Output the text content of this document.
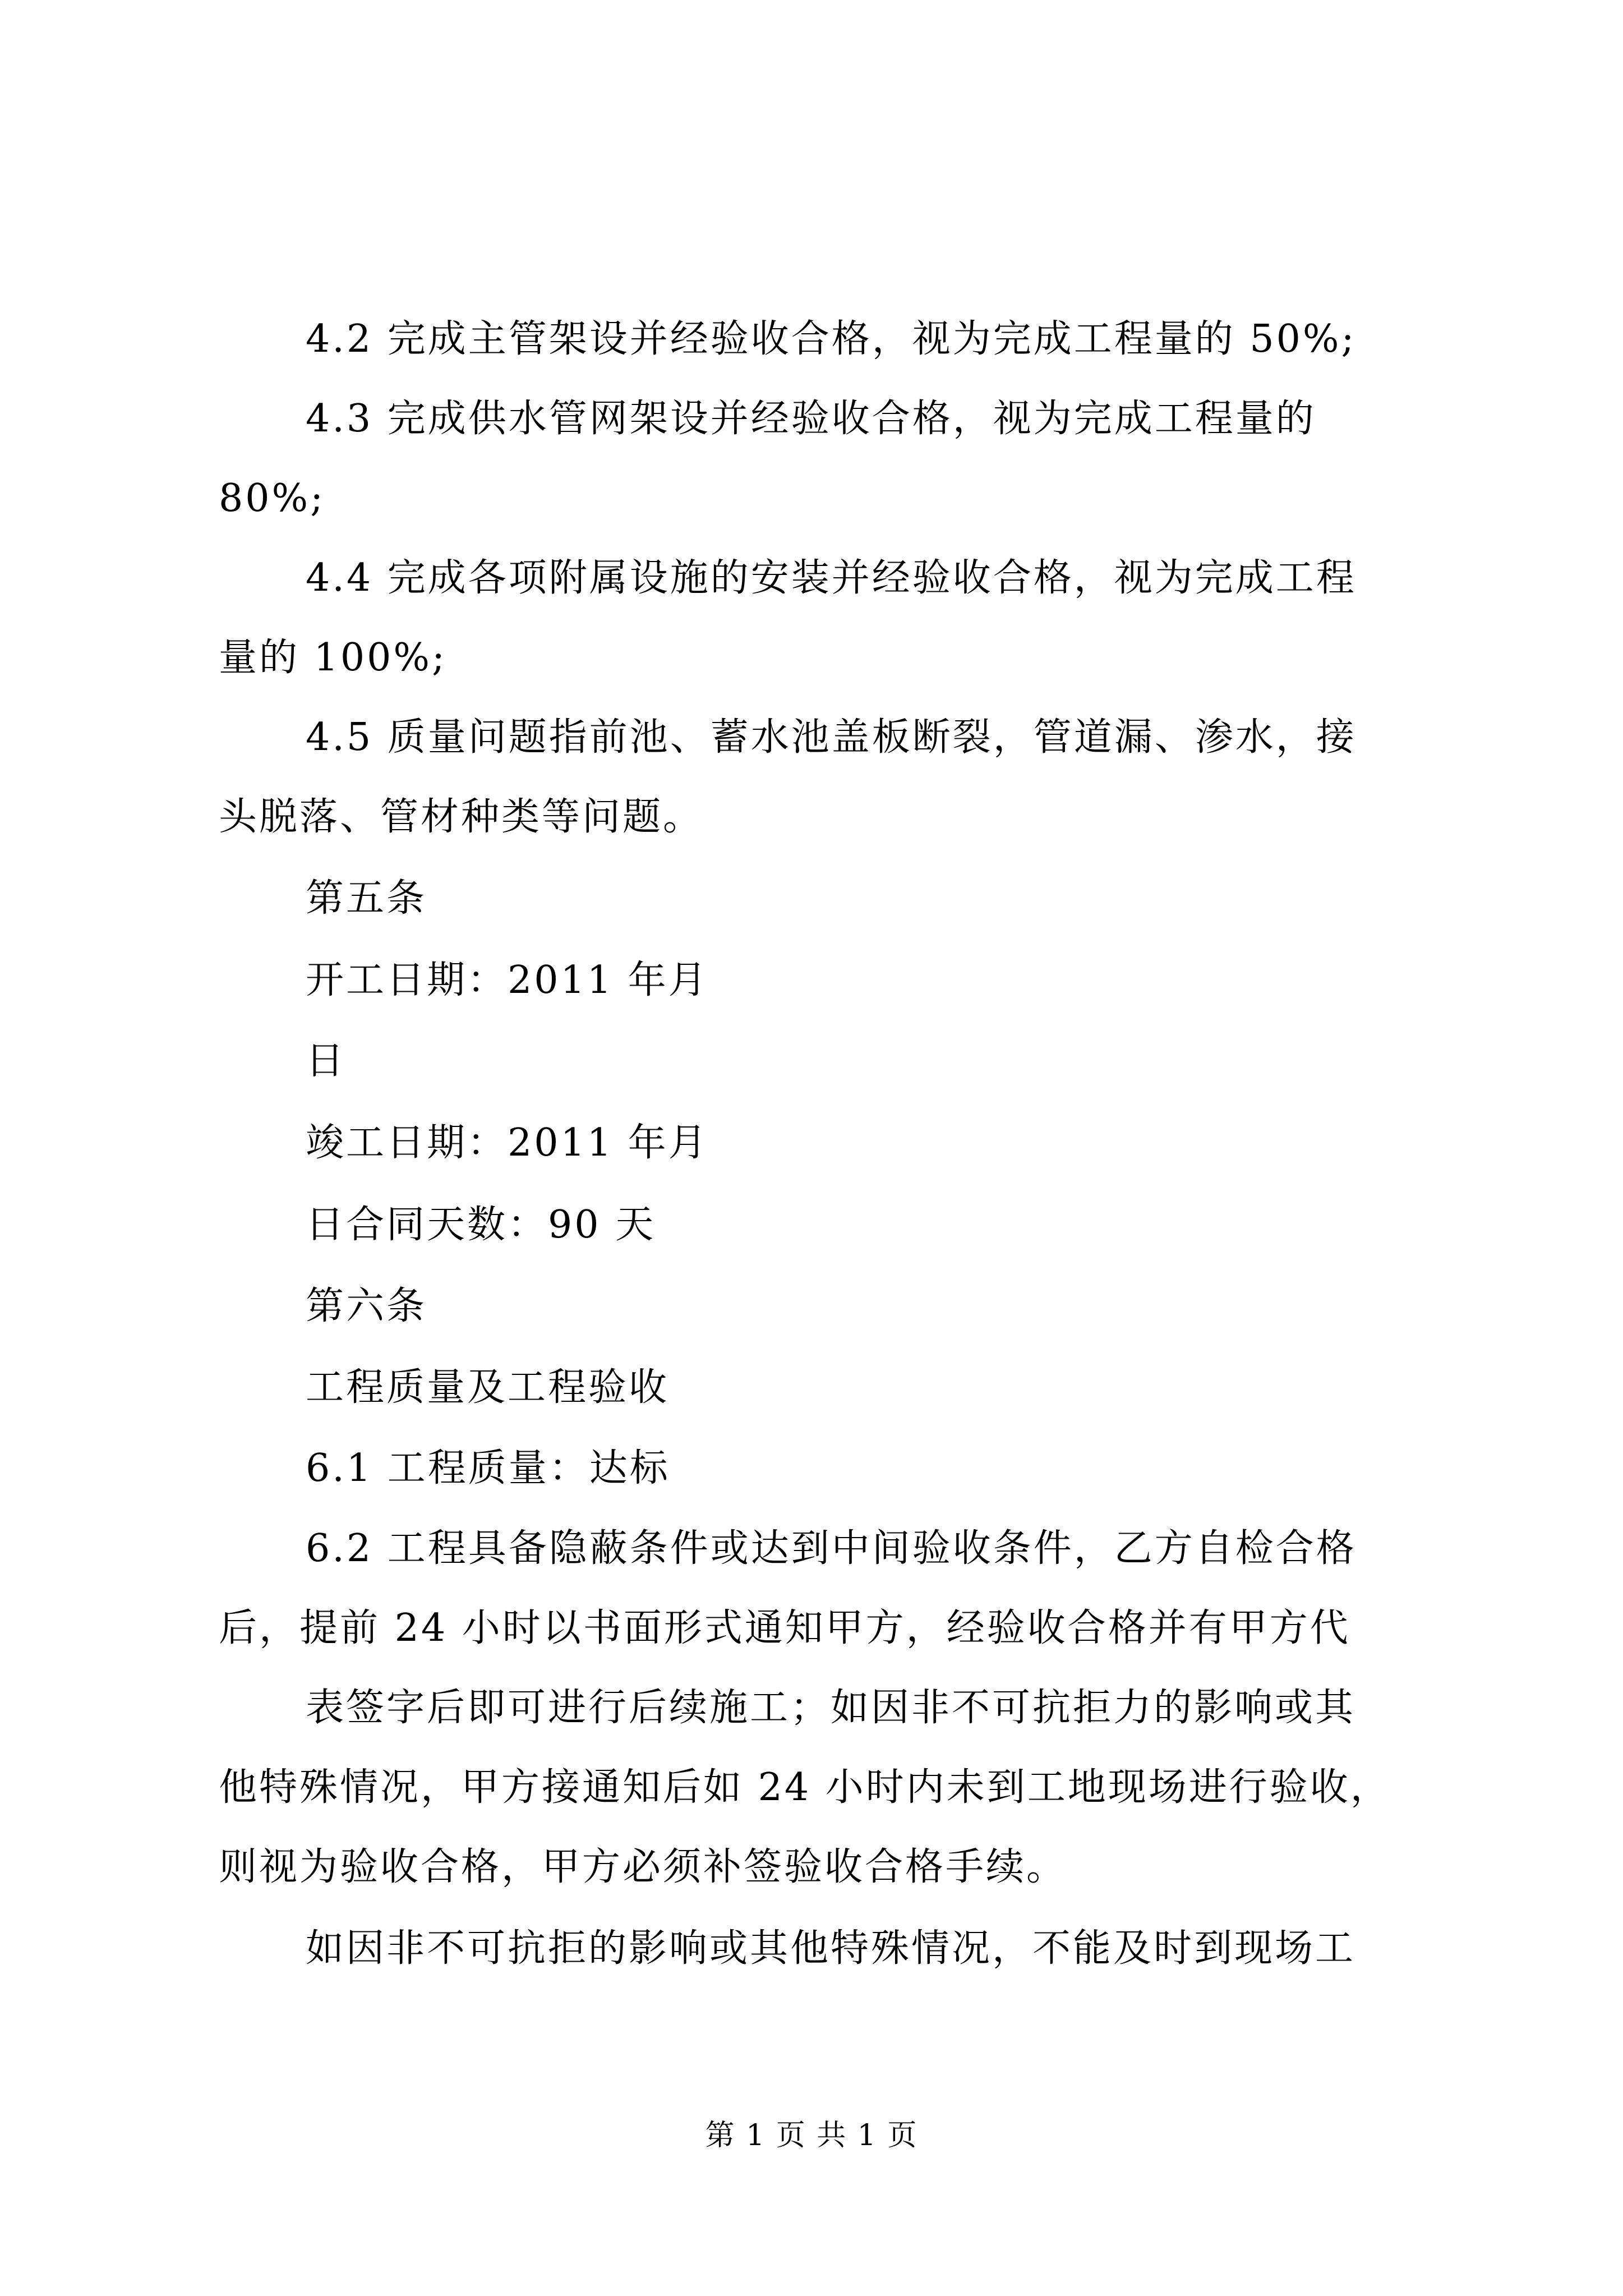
4.2 完成主管架设并经验收合格，视为完成工程量的 50%;
4.3 完成供水管网架设并经验收合格，视为完成工程量的
80%;
4.4 完成各项附属设施的安装并经验收合格，视为完成工程
量的 100%;
4.5 质量问题指前池、蓄水池盖板断裂，管道漏、渗水，接
头脱落、管材种类等问题。
第五条
开工日期：2011 年月
日
竣工日期：2011 年月
日合同天数：90 天
第六条
工程质量及工程验收
6.1 工程质量：达标
6.2 工程具备隐蔽条件或达到中间验收条件，乙方自检合格
后，提前 24 小时以书面形式通知甲方，经验收合格并有甲方代
表签字后即可进行后续施工；如因非不可抗拒力的影响或其
他特殊情况，甲方接通知后如 24 小时内未到工地现场进行验收，
则视为验收合格，甲方必须补签验收合格手续。
如因非不可抗拒的影响或其他特殊情况，不能及时到现场工
第 1 页 共 1 页
